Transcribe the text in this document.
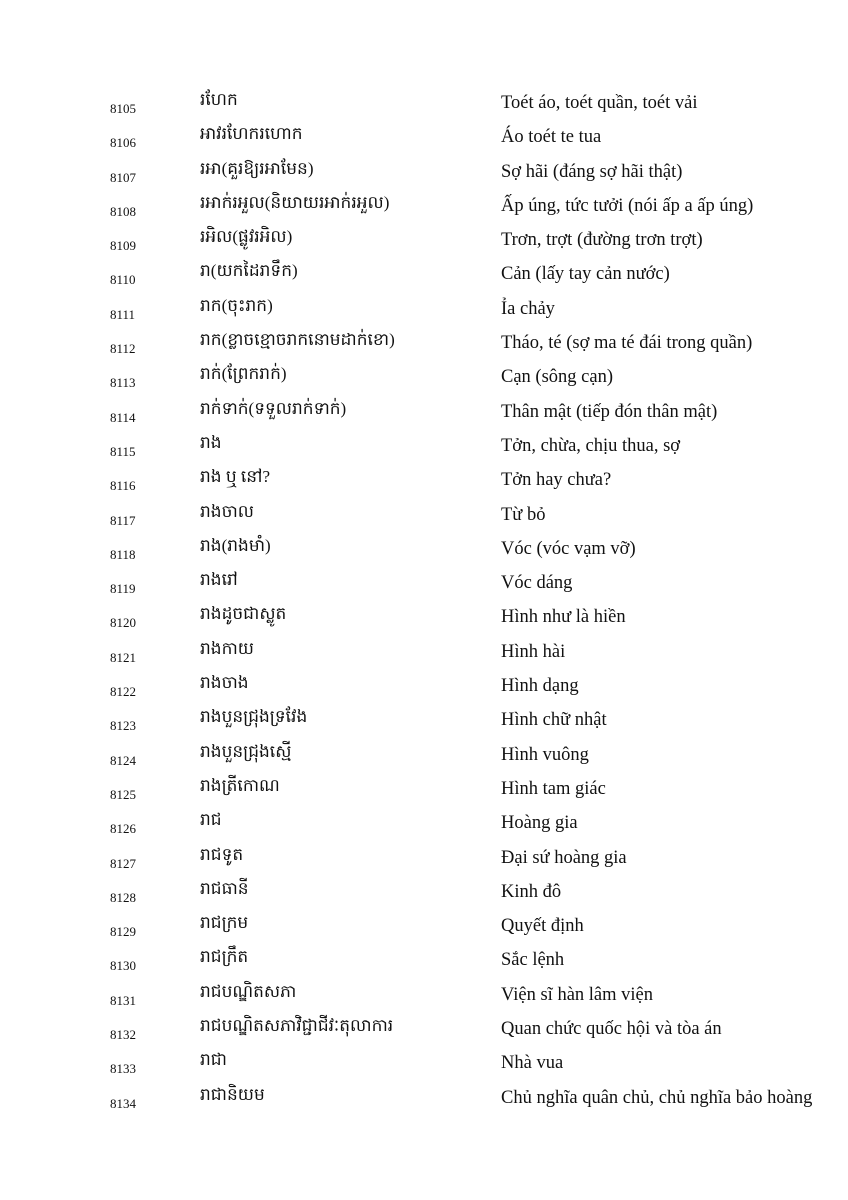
8105	រហែក	Toét áo, toét quần, toét vải
8106	អាវរហែករហោក	Áo toét te tua
8107	រអា(គួរឱ្យរអាមែន)	Sợ hãi (đáng sợ hãi thật)
8108	រអាក់រអួល(និយាយរអាក់រអួល)	Ấp úng, tức tưởi (nói ấp a ấp úng)
8109	រអិល(ផ្លូវរអិល)	Trơn, trợt (đường trơn trợt)
8110	រា(យកដៃរាទឹក)	Cản (lấy tay cản nước)
8111	រាក(ចុះរាក)	Ỉa chảy
8112	រាក(ខ្លាចខ្មោចរាកនោមដាក់ខោ)	Tháo, té (sợ ma té đái trong quần)
8113	រាក់(ព្រែករាក់)	Cạn (sông cạn)
8114	រាក់ទាក់(ទទួលរាក់ទាក់)	Thân mật (tiếp đón thân mật)
8115	រាង	Tởn, chừa, chịu thua, sợ
8116	រាង ឬ នៅ?	Tởn hay chưa?
8117	រាងចាល	Từ bỏ
8118	រាង(រាងមាំ)	Vóc (vóc vạm vỡ)
8119	រាងរៅ	Vóc dáng
8120	រាងដូចជាស្លូត	Hình như là hiền
8121	រាងកាយ	Hình hài
8122	រាងចាង	Hình dạng
8123	រាងបួនជ្រុងទ្រវែង	Hình chữ nhật
8124	រាងបួនជ្រុងស្មើ	Hình vuông
8125	រាងត្រីកោណ	Hình tam giác
8126	រាជ	Hoàng gia
8127	រាជទូត	Đại sứ hoàng gia
8128	រាជធានី	Kinh đô
8129	រាជក្រម	Quyết định
8130	រាជក្រឹត	Sắc lệnh
8131	រាជបណ្ឌិតសភា	Viện sĩ hàn lâm viện
8132	រាជបណ្ឌិតសភាវិជ្ជាជីវៈតុលាការ	Quan chức quốc hội và tòa án
8133	រាជា	Nhà vua
8134	រាជានិយម	Chủ nghĩa quân chủ, chủ nghĩa bảo hoàng
